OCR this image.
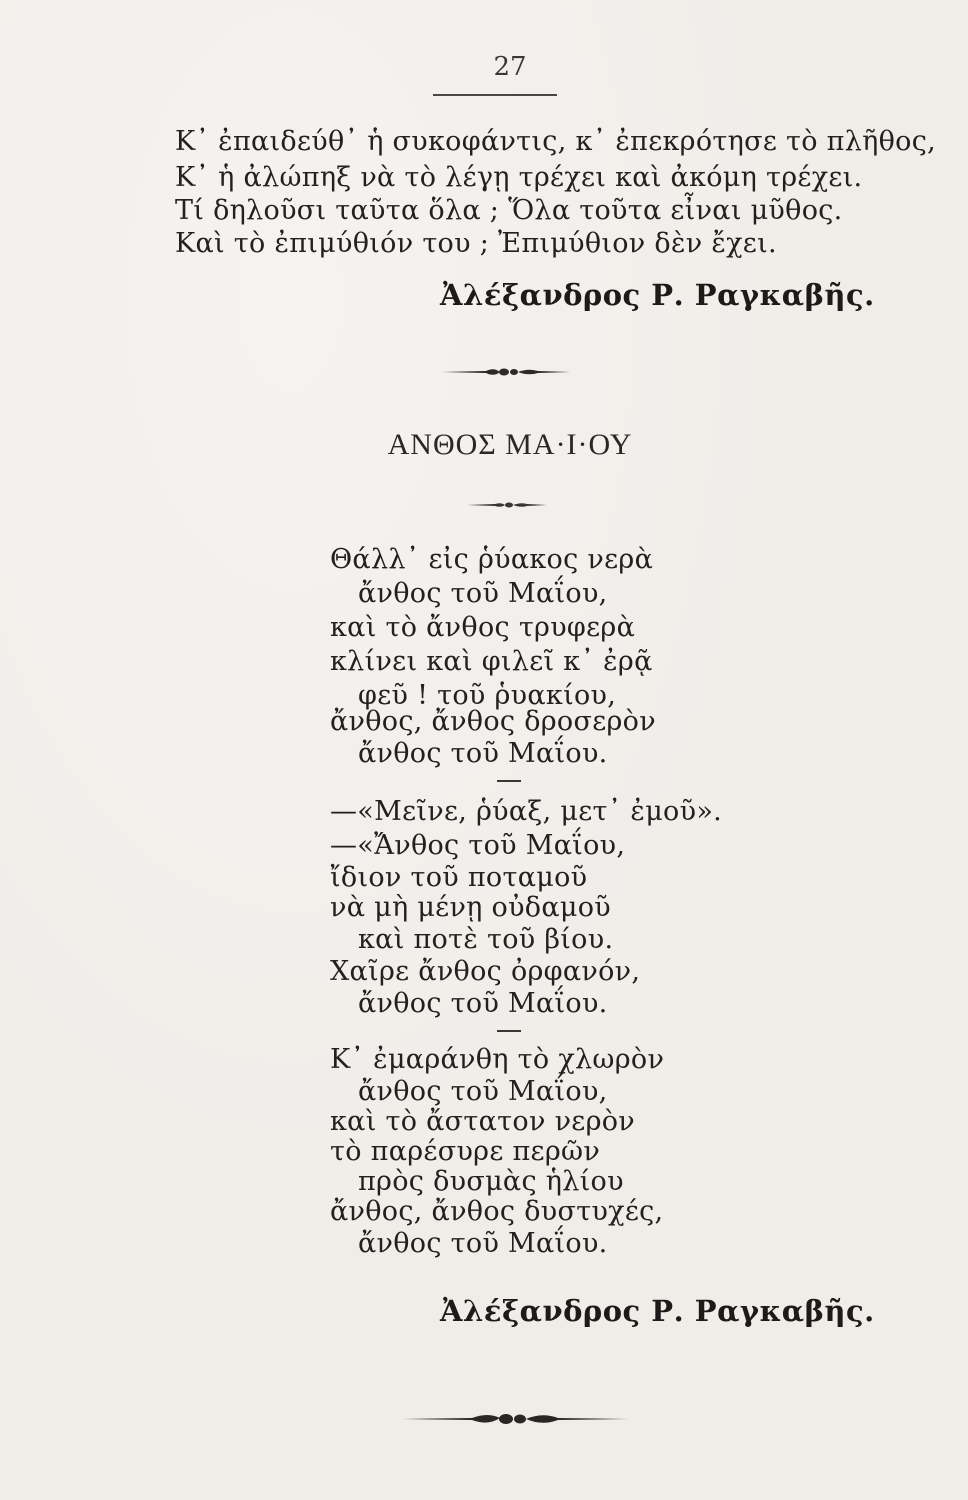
27
Κ᾽ ἐπαιδεύθ᾽ ἡ συκοφάντις, κ᾽ ἐπεκρότησε τὸ πλῆθος,
Κ᾽ ἡ ἀλώπηξ νὰ τὸ λέγῃ τρέχει καὶ ἀκόμη τρέχει.
Τί δηλοῦσι ταῦτα ὅλα ; Ὅλα τοῦτα εἶναι μῦθος.
Καὶ τὸ ἐπιμύθιόν του ; Ἐπιμύθιον δὲν ἔχει.
Ἀλέξανδρος Ρ. Ραγκαβῆς.
ΑΝΘΟΣ ΜΑ·Ι·ΟΥ
Θάλλ᾽ εἰς ῥύακος νερὰ
ἄνθος τοῦ Μαΐου,
καὶ τὸ ἄνθος τρυφερὰ
κλίνει καὶ φιλεῖ κ᾽ ἐρᾷ
φεῦ ! τοῦ ῥυακίου,
ἄνθος, ἄνθος δροσερὸν
ἄνθος τοῦ Μαΐου.
—«Μεῖνε, ῥύαξ, μετ᾽ ἐμοῦ».
—«Ἄνθος τοῦ Μαΐου,
ἴδιον τοῦ ποταμοῦ
νὰ μὴ μένῃ οὐδαμοῦ
καὶ ποτὲ τοῦ βίου.
Χαῖρε ἄνθος ὀρφανόν,
ἄνθος τοῦ Μαΐου.
Κ᾽ ἐμαράνθη τὸ χλωρὸν
ἄνθος τοῦ Μαΐου,
καὶ τὸ ἄστατον νερὸν
τὸ παρέσυρε περῶν
πρὸς δυσμὰς ἡλίου
ἄνθος, ἄνθος δυστυχές,
ἄνθος τοῦ Μαΐου.
Ἀλέξανδρος Ρ. Ραγκαβῆς.
